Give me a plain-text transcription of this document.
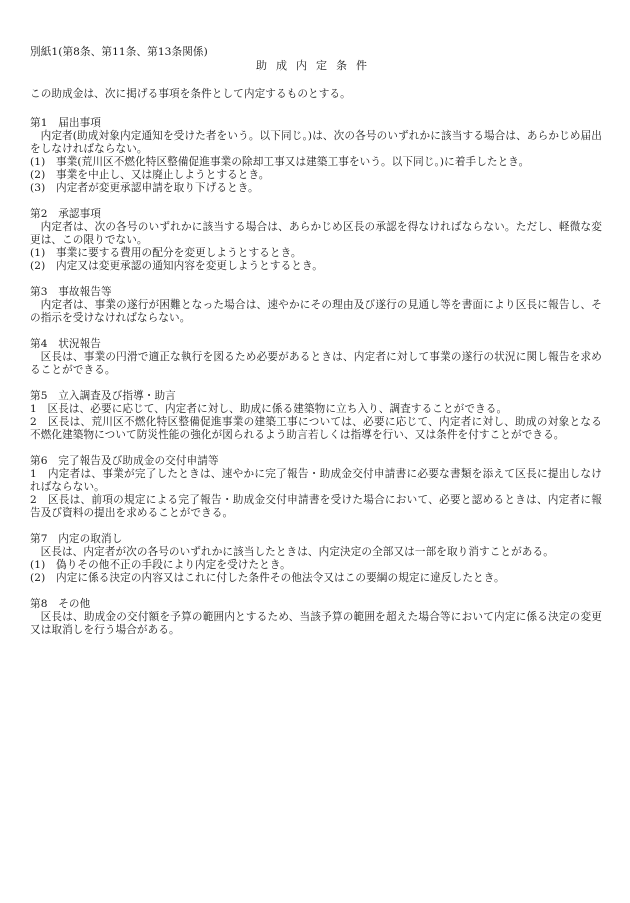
別紙1(第8条、第11条、第13条関係)

助成内定条件

この助成金は、次に掲げる事項を条件として内定するものとする。

第1　届出事項

内定者(助成対象内定通知を受けた者をいう。以下同じ。)は、次の各号のいずれかに該当する場合は、あらかじめ届出をしなければならない。

(1)	事業(荒川区不燃化特区整備促進事業の除却工事又は建築工事をいう。以下同じ。)に着手したとき。

(2)	事業を中止し、又は廃止しようとするとき。

(3)	内定者が変更承認申請を取り下げるとき。

第2　承認事項

内定者は、次の各号のいずれかに該当する場合は、あらかじめ区長の承認を得なければならない。ただし、軽微な変更は、この限りでない。

(1)	事業に要する費用の配分を変更しようとするとき。

(2)	内定又は変更承認の通知内容を変更しようとするとき。

第3　事故報告等

内定者は、事業の遂行が困難となった場合は、速やかにその理由及び遂行の見通し等を書面により区長に報告し、その指示を受けなければならない。

第4　状況報告

区長は、事業の円滑で適正な執行を図るため必要があるときは、内定者に対して事業の遂行の状況に関し報告を求めることができる。

第5　立入調査及び指導・助言

1　区長は、必要に応じて、内定者に対し、助成に係る建築物に立ち入り、調査することができる。

2　区長は、荒川区不燃化特区整備促進事業の建築工事については、必要に応じて、内定者に対し、助成の対象となる不燃化建築物について防災性能の強化が図られるよう助言若しくは指導を行い、又は条件を付すことができる。

第6　完了報告及び助成金の交付申請等

1　内定者は、事業が完了したときは、速やかに完了報告・助成金交付申請書に必要な書類を添えて区長に提出しなければならない。

2　区長は、前項の規定による完了報告・助成金交付申請書を受けた場合において、必要と認めるときは、内定者に報告及び資料の提出を求めることができる。

第7　内定の取消し

区長は、内定者が次の各号のいずれかに該当したときは、内定決定の全部又は一部を取り消すことがある。

(1)	偽りその他不正の手段により内定を受けたとき。

(2)	内定に係る決定の内容又はこれに付した条件その他法令又はこの要綱の規定に違反したとき。

第8　その他

区長は、助成金の交付額を予算の範囲内とするため、当該予算の範囲を超えた場合等において内定に係る決定の変更又は取消しを行う場合がある。
